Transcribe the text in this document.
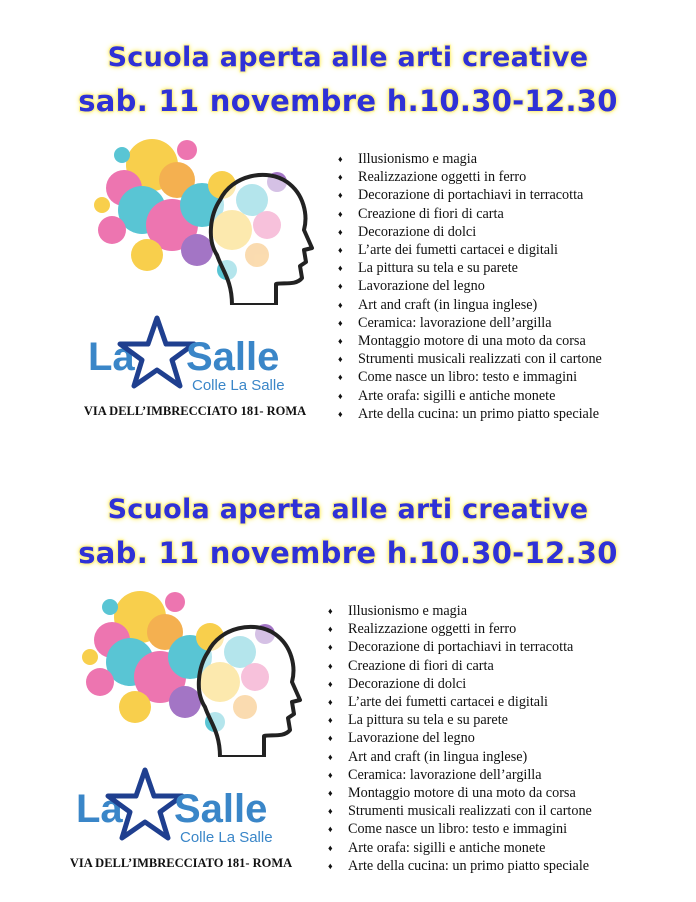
Scuola aperta alle arti creative
sab. 11 novembre h.10.30-12.30
La Salle
Colle La Salle
VIA DELL’IMBRECCIATO 181- ROMA
♦ Illusionismo e magia
♦ Realizzazione oggetti in ferro
♦ Decorazione di portachiavi in terracotta
♦ Creazione di fiori di carta
♦ Decorazione di dolci
♦ L’arte dei fumetti cartacei e digitali
♦ La pittura su tela e su parete
♦ Lavorazione del legno
♦ Art and craft (in lingua inglese)
♦ Ceramica: lavorazione dell’argilla
♦ Montaggio motore di una moto da corsa
♦ Strumenti musicali realizzati con il cartone
♦ Come nasce un libro: testo e immagini
♦ Arte orafa: sigilli e antiche monete
♦ Arte della cucina: un primo piatto speciale
Scuola aperta alle arti creative
sab. 11 novembre h.10.30-12.30
La Salle
Colle La Salle
VIA DELL’IMBRECCIATO 181- ROMA
♦ Illusionismo e magia
♦ Realizzazione oggetti in ferro
♦ Decorazione di portachiavi in terracotta
♦ Creazione di fiori di carta
♦ Decorazione di dolci
♦ L’arte dei fumetti cartacei e digitali
♦ La pittura su tela e su parete
♦ Lavorazione del legno
♦ Art and craft (in lingua inglese)
♦ Ceramica: lavorazione dell’argilla
♦ Montaggio motore di una moto da corsa
♦ Strumenti musicali realizzati con il cartone
♦ Come nasce un libro: testo e immagini
♦ Arte orafa: sigilli e antiche monete
♦ Arte della cucina: un primo piatto speciale
